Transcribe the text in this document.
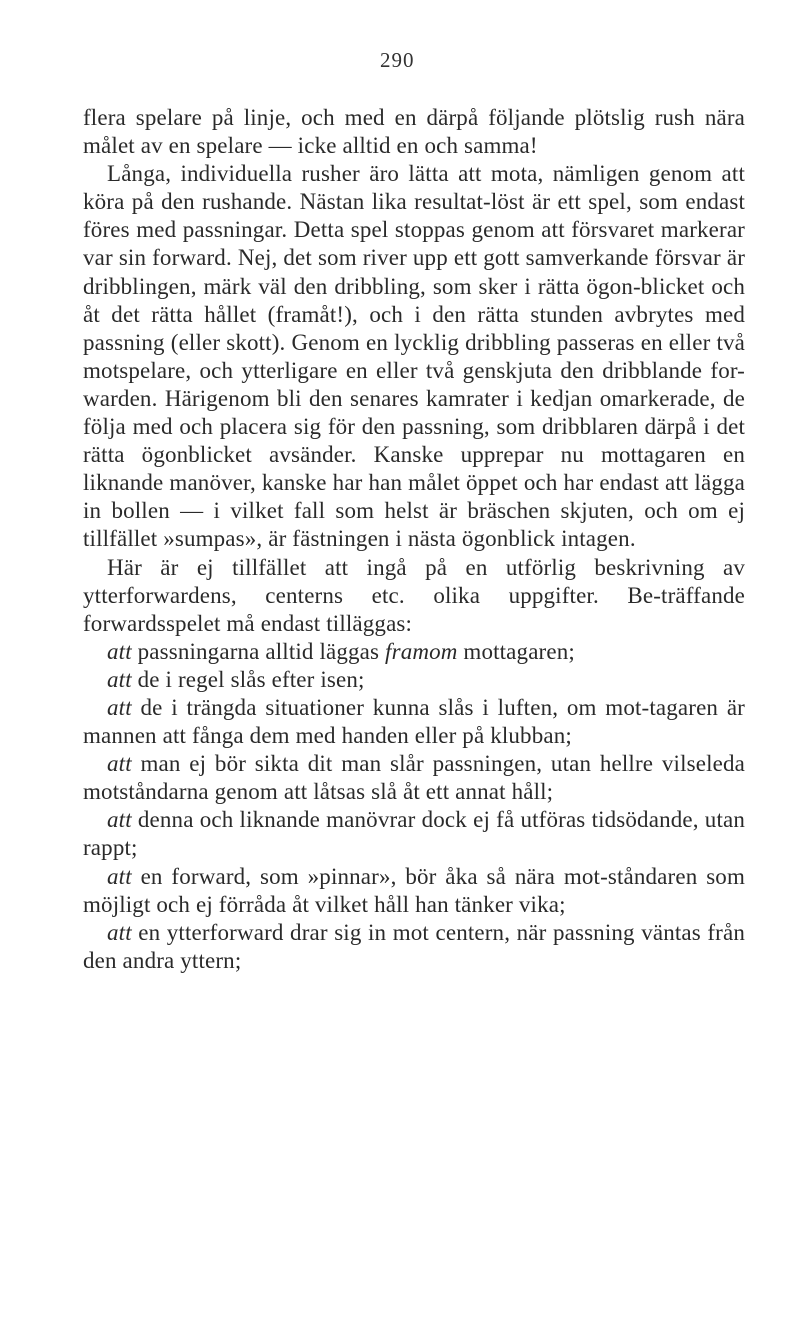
290

flera spelare på linje, och med en därpå följande plötslig rush nära målet av en spelare — icke alltid en och samma!

Långa, individuella rusher äro lätta att mota, nämligen genom att köra på den rushande. Nästan lika resultat-löst är ett spel, som endast föres med passningar. Detta spel stoppas genom att försvaret markerar var sin forward. Nej, det som river upp ett gott samverkande försvar är dribblingen, märk väl den dribbling, som sker i rätta ögon-blicket och åt det rätta hållet (framåt!), och i den rätta stunden avbrytes med passning (eller skott). Genom en lycklig dribbling passeras en eller två motspelare, och ytterligare en eller två genskjuta den dribblande for-warden. Härigenom bli den senares kamrater i kedjan omarkerade, de följa med och placera sig för den passning, som dribblaren därpå i det rätta ögonblicket avsänder. Kanske upprepar nu mottagaren en liknande manöver, kanske har han målet öppet och har endast att lägga in bollen — i vilket fall som helst är bräschen skjuten, och om ej tillfället »sumpas», är fästningen i nästa ögonblick intagen.

Här är ej tillfället att ingå på en utförlig beskrivning av ytterforwardens, centerns etc. olika uppgifter. Be-träffande forwardsspelet må endast tilläggas:

att passningarna alltid läggas framom mottagaren;

att de i regel slås efter isen;

att de i trängda situationer kunna slås i luften, om mot-tagaren är mannen att fånga dem med handen eller på klubban;

att man ej bör sikta dit man slår passningen, utan hellre vilseleda motståndarna genom att låtsas slå åt ett annat håll;

att denna och liknande manövrar dock ej få utföras tidsödande, utan rappt;

att en forward, som »pinnar», bör åka så nära mot-ståndaren som möjligt och ej förråda åt vilket håll han tänker vika;

att en ytterforward drar sig in mot centern, när passning väntas från den andra yttern;
